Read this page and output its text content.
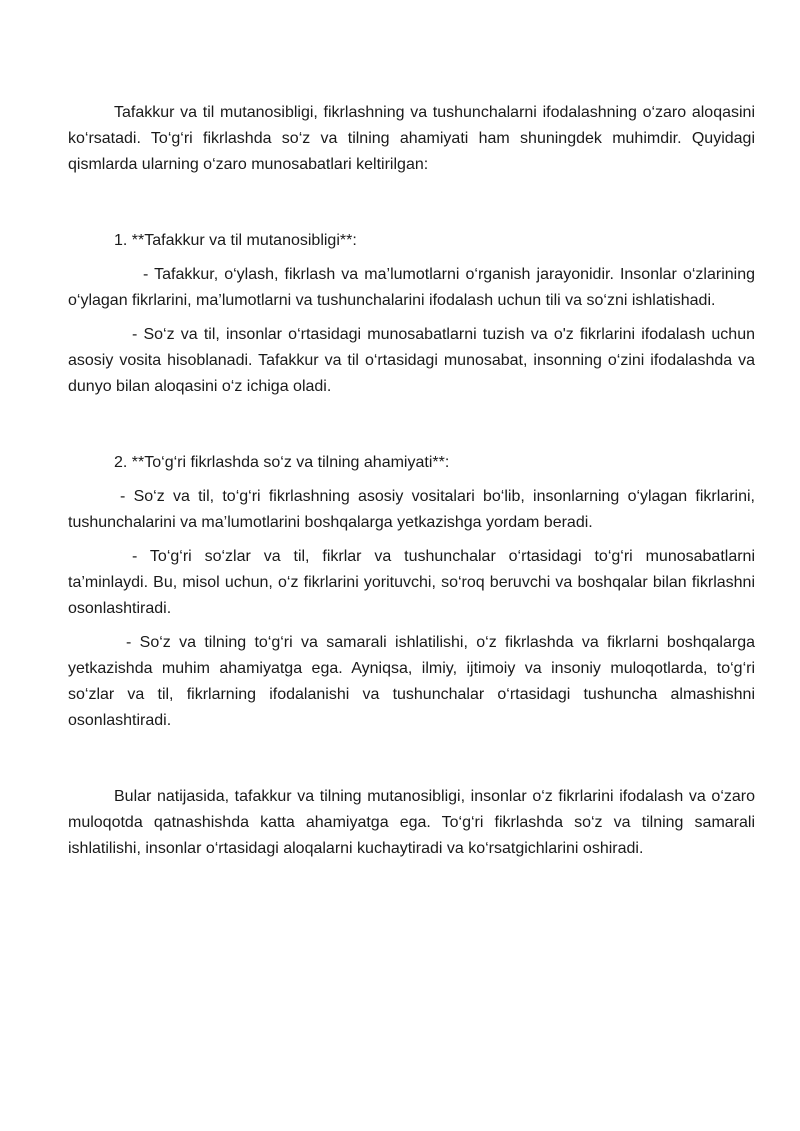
Tafakkur va til mutanosibligi, fikrlashning va tushunchalarni ifodalashning o‘zaro aloqasini ko‘rsatadi. To‘g‘ri fikrlashda so‘z va tilning ahamiyati ham shuningdek muhimdir. Quyidagi qismlarda ularning o‘zaro munosabatlari keltirilgan:

1. **Tafakkur va til mutanosibligi**:

- Tafakkur, o‘ylash, fikrlash va ma’lumotlarni o‘rganish jarayonidir. Insonlar o‘zlarining o‘ylagan fikrlarini, ma’lumotlarni va tushunchalarini ifodalash uchun tili va so‘zni ishlatishadi.

- So‘z va til, insonlar o‘rtasidagi munosabatlarni tuzish va o'z fikrlarini ifodalash uchun asosiy vosita hisoblanadi. Tafakkur va til o‘rtasidagi munosabat, insonning o‘zini ifodalashda va dunyo bilan aloqasini o‘z ichiga oladi.

2. **To‘g‘ri fikrlashda so‘z va tilning ahamiyati**:

- So‘z va til, to‘g‘ri fikrlashning asosiy vositalari bo‘lib, insonlarning o‘ylagan fikrlarini, tushunchalarini va ma’lumotlarini boshqalarga yetkazishga yordam beradi.

- To‘g‘ri so‘zlar va til, fikrlar va tushunchalar o‘rtasidagi to‘g‘ri munosabatlarni ta’minlaydi. Bu, misol uchun, o‘z fikrlarini yorituvchi, so‘roq beruvchi va boshqalar bilan fikrlashni osonlashtiradi.

- So‘z va tilning to‘g‘ri va samarali ishlatilishi, o‘z fikrlashda va fikrlarni boshqalarga yetkazishda muhim ahamiyatga ega. Ayniqsa, ilmiy, ijtimoiy va insoniy muloqotlarda, to‘g‘ri so‘zlar va til, fikrlarning ifodalanishi va tushunchalar o‘rtasidagi tushuncha almashishni osonlashtiradi.

Bular natijasida, tafakkur va tilning mutanosibligi, insonlar o‘z fikrlarini ifodalash va o‘zaro muloqotda qatnashishda katta ahamiyatga ega. To‘g‘ri fikrlashda so‘z va tilning samarali ishlatilishi, insonlar o‘rtasidagi aloqalarni kuchaytiradi va ko‘rsatgichlarini oshiradi.
